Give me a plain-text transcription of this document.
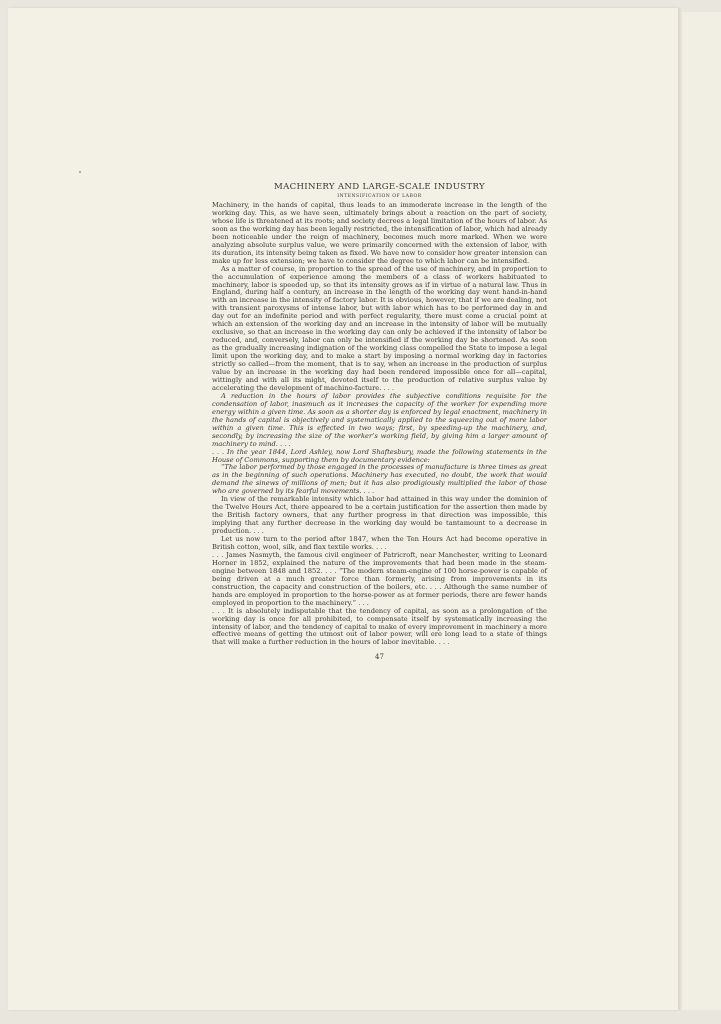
MACHINERY AND LARGE-SCALE INDUSTRY

INTENSIFICATION OF LABOR

Machinery, in the hands of capital, thus leads to an immoderate increase in the length of the working day. This, as we have seen, ultimately brings about a reaction on the part of society, whose life is threatened at its roots; and society decrees a legal limitation of the hours of labor. As soon as the working day has been legally restricted, the intensification of labor, which had already been noticeable under the reign of machinery, becomes much more marked. When we were analyzing absolute surplus value, we were primarily concerned with the extension of labor, with its duration, its intensity being taken as fixed. We have now to consider how greater intension can make up for less extension; we have to consider the degree to which labor can be intensified.

As a matter of course, in proportion to the spread of the use of machinery, and in proportion to the accumulation of experience among the members of a class of workers habituated to machinery, labor is speeded up, so that its intensity grows as if in virtue of a natural law. Thus in England, during half a century, an increase in the length of the working day went hand-in-hand with an increase in the intensity of factory labor. It is obvious, however, that if we are dealing, not with transient paroxysms of intense labor, but with labor which has to be performed day in and day out for an indefinite period and with perfect regularity, there must come a crucial point at which an extension of the working day and an increase in the intensity of labor will be mutually exclusive, so that an increase in the working day can only be achieved if the intensity of labor be reduced, and, conversely, labor can only be intensified if the working day be shortened. As soon as the gradually increasing indignation of the working class compelled the State to impose a legal limit upon the working day, and to make a start by imposing a normal working day in factories strictly so called—from the moment, that is to say, when an increase in the production of surplus value by an increase in the working day had been rendered impossible once for all—capital, wittingly and with all its might, devoted itself to the production of relative surplus value by accelerating the development of machino-facture. . . .

A reduction in the hours of labor provides the subjective conditions requisite for the condensation of labor, inasmuch as it increases the capacity of the worker for expending more energy within a given time. As soon as a shorter day is enforced by legal enactment, machinery in the hands of capital is objectively and systematically applied to the squeezing out of more labor within a given time. This is effected in two ways; first, by speeding-up the machinery, and, secondly, by increasing the size of the worker’s working field, by giving him a larger amount of machinery to mind. . . .

. . . In the year 1844, Lord Ashley, now Lord Shaftesbury, made the following statements in the House of Commons, supporting them by documentary evidence:

“The labor performed by those engaged in the processes of manufacture is three times as great as in the beginning of such operations. Machinery has executed, no doubt, the work that would demand the sinews of millions of men; but it has also prodigiously multiplied the labor of those who are governed by its fearful movements. . . .

In view of the remarkable intensity which labor had attained in this way under the dominion of the Twelve Hours Act, there appeared to be a certain justification for the assertion then made by the British factory owners, that any further progress in that direction was impossible, this implying that any further decrease in the working day would be tantamount to a decrease in production. . . .

Let us now turn to the period after 1847, when the Ten Hours Act had become operative in British cotton, wool, silk, and flax textile works. . . .

. . . James Nasmyth, the famous civil engineer of Patricroft, near Manchester, writing to Leonard Horner in 1852, explained the nature of the improvements that had been made in the steam-engine between 1848 and 1852. . . . “The modern steam-engine of 100 horse-power is capable of being driven at a much greater force than formerly, arising from improvements in its construction, the capacity and construction of the boilers, etc. . . . Although the same number of hands are employed in proportion to the horse-power as at former periods, there are fewer hands employed in proportion to the machinery.” . . .

. . . It is absolutely indisputable that the tendency of capital, as soon as a prolongation of the working day is once for all prohibited, to compensate itself by systematically increasing the intensity of labor, and the tendency of capital to make of every improvement in machinery a more effective means of getting the utmost out of labor power, will ere long lead to a state of things that will make a further reduction in the hours of labor inevitable. . . .

47
